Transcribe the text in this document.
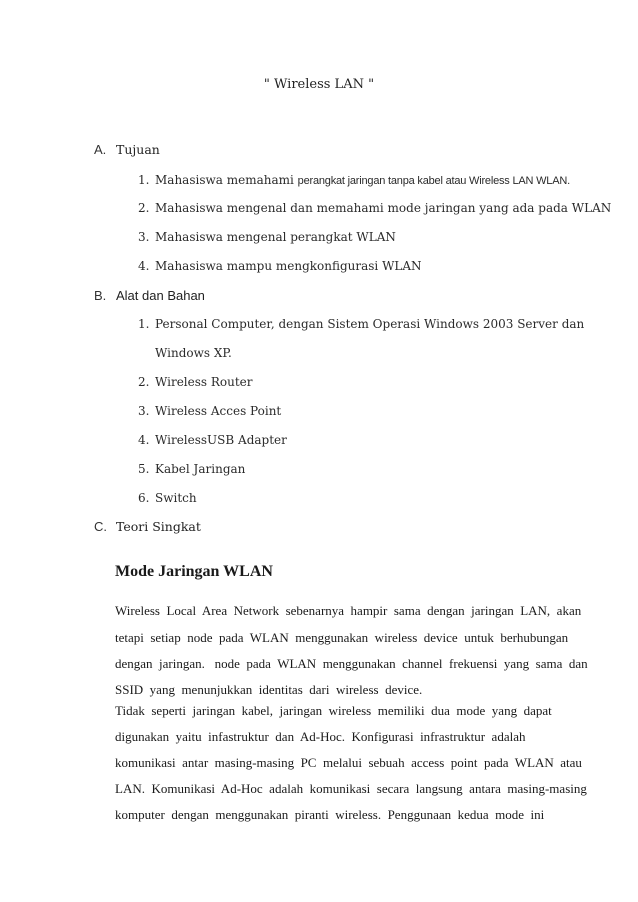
" Wireless LAN "
A. Tujuan
1. Mahasiswa memahami perangkat jaringan tanpa kabel atau Wireless LAN WLAN.
2. Mahasiswa mengenal dan memahami mode jaringan yang ada pada WLAN
3. Mahasiswa mengenal perangkat WLAN
4. Mahasiswa mampu mengkonfigurasi WLAN
B. Alat dan Bahan
1. Personal Computer, dengan Sistem Operasi Windows 2003 Server dan
Windows XP.
2. Wireless Router
3. Wireless Acces Point
4. WirelessUSB Adapter
5. Kabel Jaringan
6. Switch
C. Teori Singkat
Mode Jaringan WLAN
Wireless  Local  Area  Network  sebenarnya  hampir  sama  dengan  jaringan  LAN,  akan
tetapi  setiap  node  pada  WLAN  menggunakan  wireless  device  untuk  berhubungan
dengan  jaringan.   node  pada  WLAN  menggunakan  channel  frekuensi  yang  sama  dan
SSID  yang  menunjukkan  identitas  dari  wireless  device.
Tidak  seperti  jaringan  kabel,  jaringan  wireless  memiliki  dua  mode  yang  dapat
digunakan  yaitu  infastruktur  dan  Ad-Hoc.  Konfigurasi  infrastruktur  adalah
komunikasi  antar  masing-masing  PC  melalui  sebuah  access  point  pada  WLAN  atau
LAN.  Komunikasi  Ad-Hoc  adalah  komunikasi  secara  langsung  antara  masing-masing
komputer  dengan  menggunakan  piranti  wireless.  Penggunaan  kedua  mode  ini
